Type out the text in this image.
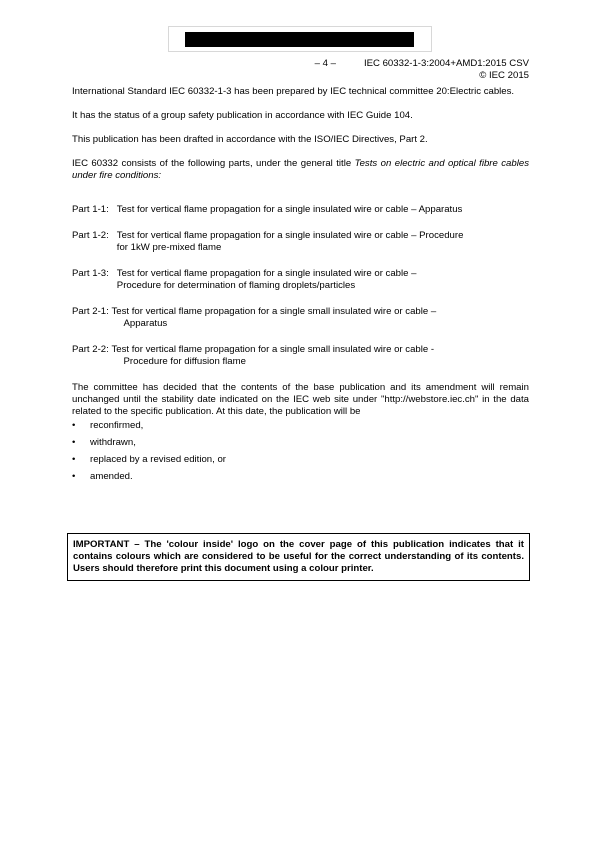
– 4 –	IEC 60332-1-3:2004+AMD1:2015 CSV
© IEC 2015

International Standard IEC 60332-1-3 has been prepared by IEC technical committee 20:Electric cables.

It has the status of a group safety publication in accordance with IEC Guide 104.

This publication has been drafted in accordance with the ISO/IEC Directives, Part 2.

IEC 60332 consists of the following parts, under the general title Tests on electric and optical fibre cables under fire conditions:

Part 1-1: Test for vertical flame propagation for a single insulated wire or cable – Apparatus
Part 1-2: Test for vertical flame propagation for a single insulated wire or cable – Procedure
for 1kW pre-mixed flame
Part 1-3: Test for vertical flame propagation for a single insulated wire or cable –
Procedure for determination of flaming droplets/particles
Part 2-1: Test for vertical flame propagation for a single small insulated wire or cable –
Apparatus
Part 2-2: Test for vertical flame propagation for a single small insulated wire or cable -
Procedure for diffusion flame

The committee has decided that the contents of the base publication and its amendment will remain unchanged until the stability date indicated on the IEC web site under "http://webstore.iec.ch" in the data related to the specific publication. At this date, the publication will be

•	reconfirmed,
•	withdrawn,
•	replaced by a revised edition, or
•	amended.
IMPORTANT – The 'colour inside' logo on the cover page of this publication indicates that it contains colours which are considered to be useful for the correct understanding of its contents. Users should therefore print this document using a colour printer.
